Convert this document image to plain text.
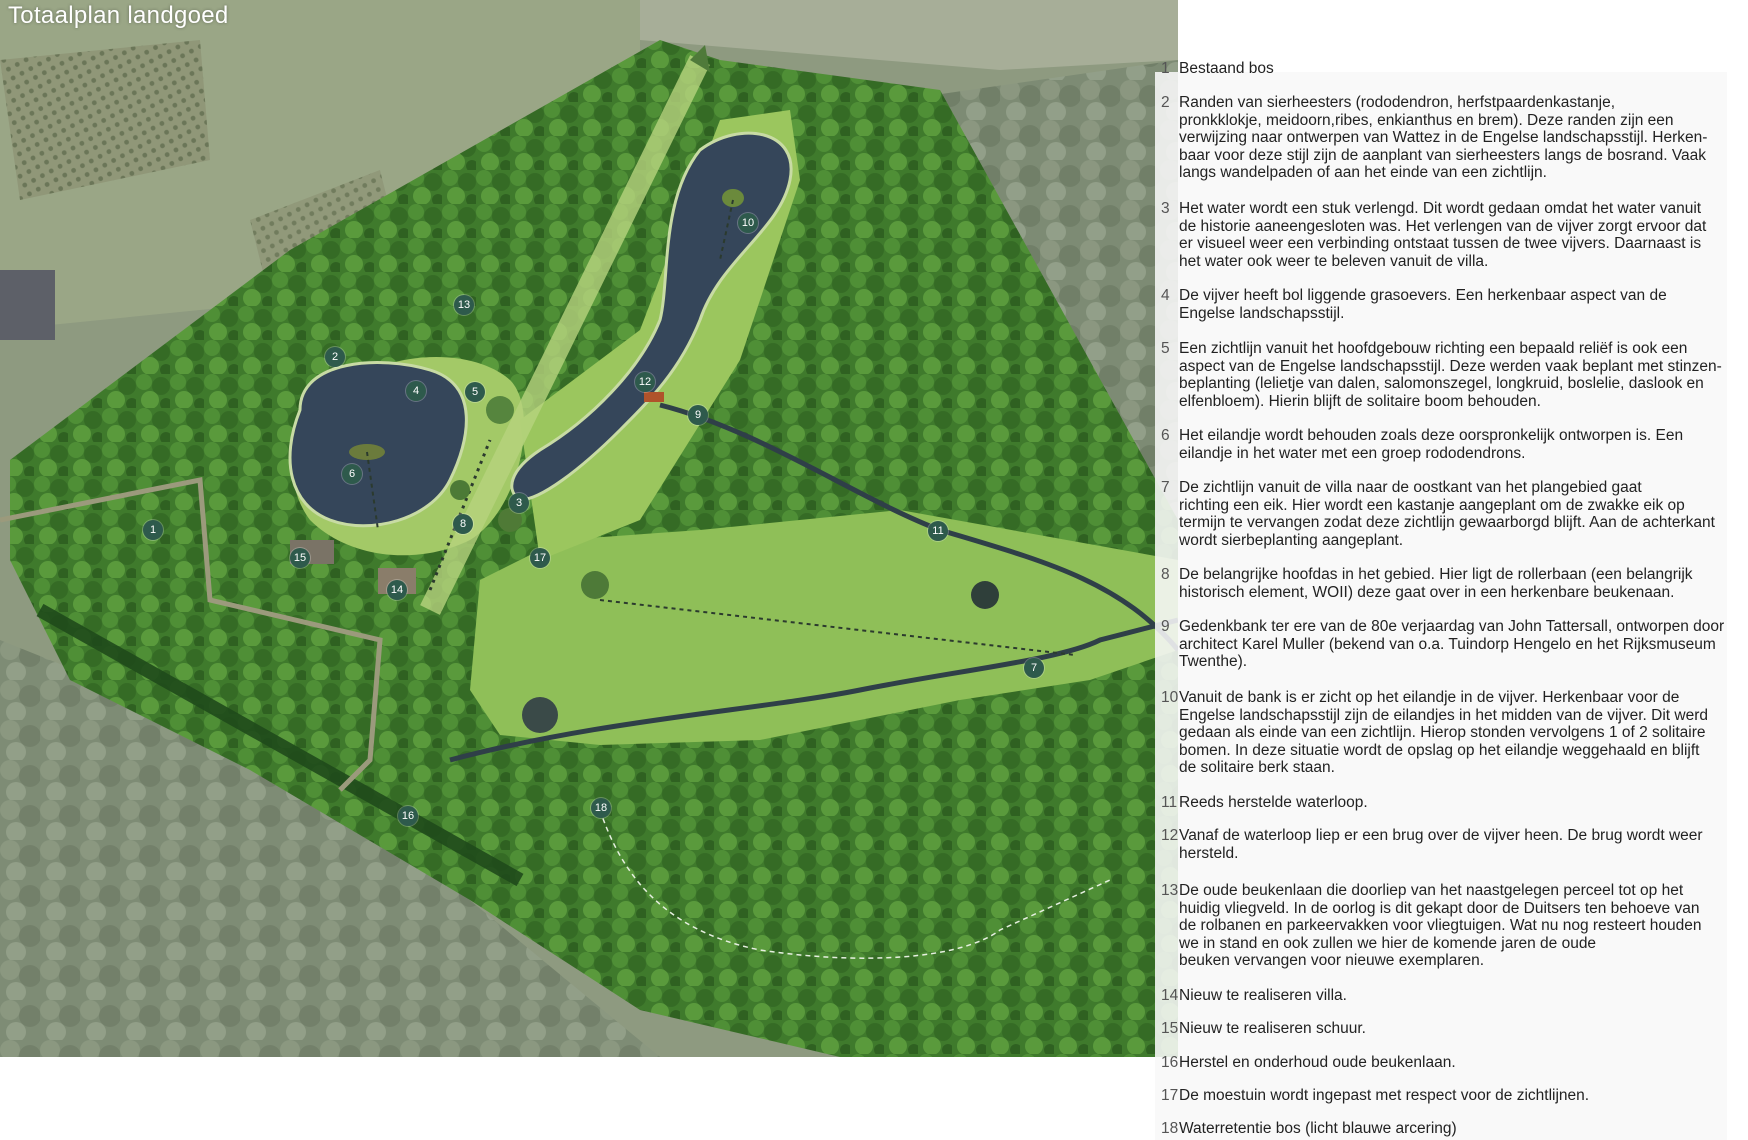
Totaalplan landgoed
1
2
3
4	5
6
7
8
9
10
11
12
13
14
15
16
17
18
1 Bestaand bos
2 Randen van sierheesters (rododendron, herfstpaardenkastanje,
pronkklokje, meidoorn,ribes, enkianthus en brem). Deze randen zijn een
verwijzing naar ontwerpen van Wattez in de Engelse landschapsstijl. Herken-
baar voor deze stijl zijn de aanplant van sierheesters langs de bosrand. Vaak
langs wandelpaden of aan het einde van een zichtlijn.
3 Het water wordt een stuk verlengd. Dit wordt gedaan omdat het water vanuit
de historie aaneengesloten was. Het verlengen van de vijver zorgt ervoor dat
er visueel weer een verbinding ontstaat tussen de twee vijvers. Daarnaast is
het water ook weer te beleven vanuit de villa.
4 De vijver heeft bol liggende grasoevers. Een herkenbaar aspect van de
Engelse landschapsstijl.
5 Een zichtlijn vanuit het hoofdgebouw richting een bepaald reliëf is ook een
aspect van de Engelse landschapsstijl. Deze werden vaak beplant met stinzen-
beplanting (lelietje van dalen, salomonszegel, longkruid, boslelie, daslook en
elfenbloem). Hierin blijft de solitaire boom behouden.
6 Het eilandje wordt behouden zoals deze oorspronkelijk ontworpen is. Een
eilandje in het water met een groep rododendrons.
7 De zichtlijn vanuit de villa naar de oostkant van het plangebied gaat
richting een eik. Hier wordt een kastanje aangeplant om de zwakke eik op
termijn te vervangen zodat deze zichtlijn gewaarborgd blijft. Aan de achterkant
wordt sierbeplanting aangeplant.
8 De belangrijke hoofdas in het gebied. Hier ligt de rollerbaan (een belangrijk
historisch element, WOII) deze gaat over in een herkenbare beukenaan.
9 Gedenkbank ter ere van de 80e verjaardag van John Tattersall, ontworpen door
architect Karel Muller (bekend van o.a. Tuindorp Hengelo en het Rijksmuseum
Twenthe).
10 Vanuit de bank is er zicht op het eilandje in de vijver. Herkenbaar voor de
Engelse landschapsstijl zijn de eilandjes in het midden van de vijver. Dit werd
gedaan als einde van een zichtlijn. Hierop stonden vervolgens 1 of 2 solitaire
bomen. In deze situatie wordt de opslag op het eilandje weggehaald en blijft
de solitaire berk staan.
11 Reeds herstelde waterloop.
12 Vanaf de waterloop liep er een brug over de vijver heen. De brug wordt weer
hersteld.
13 De oude beukenlaan die doorliep van het naastgelegen perceel tot op het
huidig vliegveld. In de oorlog is dit gekapt door de Duitsers ten behoeve van
de rolbanen en parkeervakken voor vliegtuigen. Wat nu nog resteert houden
we in stand en ook zullen we hier de komende jaren de oude
beuken vervangen voor nieuwe exemplaren.
14 Nieuw te realiseren villa.
15 Nieuw te realiseren schuur.
16 Herstel en onderhoud oude beukenlaan.
17 De moestuin wordt ingepast met respect voor de zichtlijnen.
18 Waterretentie bos (licht blauwe arcering)
